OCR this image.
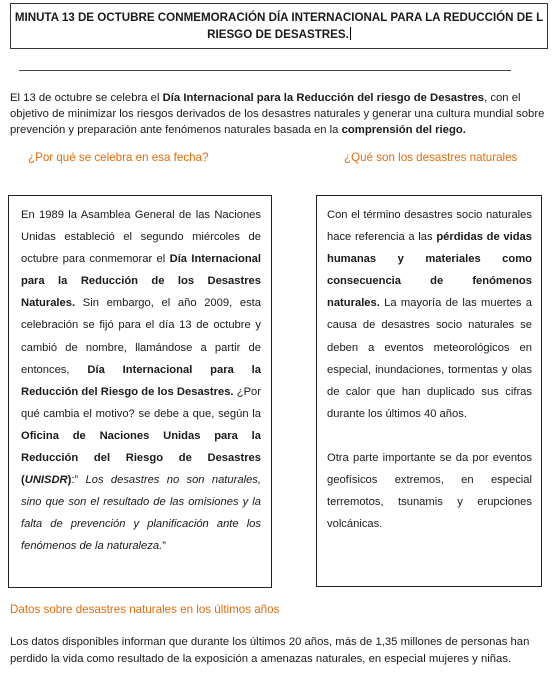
MINUTA 13 DE OCTUBRE CONMEMORACIÓN DÍA INTERNACIONAL PARA LA REDUCCIÓN DE L
RIESGO DE DESASTRES.
El 13 de octubre se celebra el Día Internacional para la Reducción del riesgo de Desastres, con el objetivo de minimizar los riesgos derivados de los desastres naturales y generar una cultura mundial sobre prevención y preparación ante fenómenos naturales basada en la comprensión del riego.
¿Por qué se celebra en esa fecha?	¿Qué son los desastres naturales

En 1989 la Asamblea General de las Naciones Unidas estableció el segundo miércoles de octubre para conmemorar el Día Internacional para la Reducción de los Desastres Naturales. Sin embargo, el año 2009, esta celebración se fijó para el día 13 de octubre y cambió de nombre, llamándose a partir de entonces, Día Internacional para la Reducción del Riesgo de los Desastres. ¿Por qué cambia el motivo? se debe a que, según la Oficina de Naciones Unidas para la Reducción del Riesgo de Desastres (UNISDR):” Los desastres no son naturales, sino que son el resultado de las omisiones y la falta de prevención y planificación ante los fenómenos de la naturaleza.”

Con el término desastres socio naturales hace referencia a las pérdidas de vidas humanas y materiales como consecuencia de fenómenos naturales. La mayoría de las muertes a causa de desastres socio naturales se deben a eventos meteorológicos en especial, inundaciones, tormentas y olas de calor que han duplicado sus cifras durante los últimos 40 años.

Otra parte importante se da por eventos geofísicos extremos, en especial terremotos, tsunamis y erupciones volcánicas.

Datos sobre desastres naturales en los últimos años
Los datos disponibles informan que durante los últimos 20 años, más de 1,35 millones de personas han perdido la vida como resultado de la exposición a amenazas naturales, en especial mujeres y niñas.
